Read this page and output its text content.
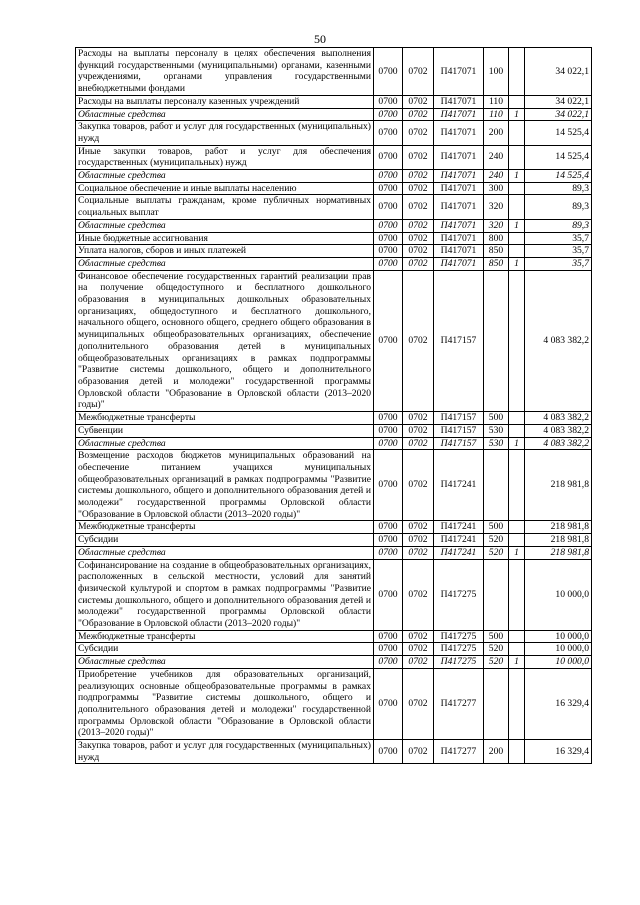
50
Расходы на выплаты персоналу в целях обеспечения выполнения функций государственными (муниципальными) органами, казенными учреждениями, органами управления государственными внебюджетными фондами	0700	0702	П417071	100		34 022,1
Расходы на выплаты персоналу казенных учреждений	0700	0702	П417071	110		34 022,1
Областные средства	0700	0702	П417071	110	1	34 022,1
Закупка товаров, работ и услуг для государственных (муниципальных) нужд	0700	0702	П417071	200		14 525,4
Иные закупки товаров, работ и услуг для обеспечения государственных (муниципальных) нужд	0700	0702	П417071	240		14 525,4
Областные средства	0700	0702	П417071	240	1	14 525,4
Социальное обеспечение и иные выплаты населению	0700	0702	П417071	300		89,3
Социальные выплаты гражданам, кроме публичных нормативных социальных выплат	0700	0702	П417071	320		89,3
Областные средства	0700	0702	П417071	320	1	89,3
Иные бюджетные ассигнования	0700	0702	П417071	800		35,7
Уплата налогов, сборов и иных платежей	0700	0702	П417071	850		35,7
Областные средства	0700	0702	П417071	850	1	35,7
Финансовое обеспечение государственных гарантий реализации прав на получение общедоступного и бесплатного дошкольного образования в муниципальных дошкольных образовательных организациях, общедоступного и бесплатного дошкольного, начального общего, основного общего, среднего общего образования в муниципальных общеобразовательных организациях, обеспечение дополнительного образования детей в муниципальных общеобразовательных организациях в рамках подпрограммы "Развитие системы дошкольного, общего и дополнительного образования детей и молодежи" государственной программы Орловской области "Образование в Орловской области (2013–2020 годы)"	0700	0702	П417157			4 083 382,2
Межбюджетные трансферты	0700	0702	П417157	500		4 083 382,2
Субвенции	0700	0702	П417157	530		4 083 382,2
Областные средства	0700	0702	П417157	530	1	4 083 382,2
Возмещение расходов бюджетов муниципальных образований на обеспечение питанием учащихся муниципальных общеобразовательных организаций в рамках подпрограммы "Развитие системы дошкольного, общего и дополнительного образования детей и молодежи" государственной программы Орловской области "Образование в Орловской области (2013–2020 годы)"	0700	0702	П417241			218 981,8
Межбюджетные трансферты	0700	0702	П417241	500		218 981,8
Субсидии	0700	0702	П417241	520		218 981,8
Областные средства	0700	0702	П417241	520	1	218 981,8
Софинансирование на создание в общеобразовательных организациях, расположенных в сельской местности, условий для занятий физической культурой и спортом в рамках подпрограммы "Развитие системы дошкольного, общего и дополнительного образования детей и молодежи" государственной программы Орловской области "Образование в Орловской области (2013–2020 годы)"	0700	0702	П417275			10 000,0
Межбюджетные трансферты	0700	0702	П417275	500		10 000,0
Субсидии	0700	0702	П417275	520		10 000,0
Областные средства	0700	0702	П417275	520	1	10 000,0
Приобретение учебников для образовательных организаций, реализующих основные общеобразовательные программы в рамках подпрограммы "Развитие системы дошкольного, общего и дополнительного образования детей и молодежи" государственной программы Орловской области "Образование в Орловской области (2013–2020 годы)"	0700	0702	П417277			16 329,4
Закупка товаров, работ и услуг для государственных (муниципальных) нужд	0700	0702	П417277	200		16 329,4
